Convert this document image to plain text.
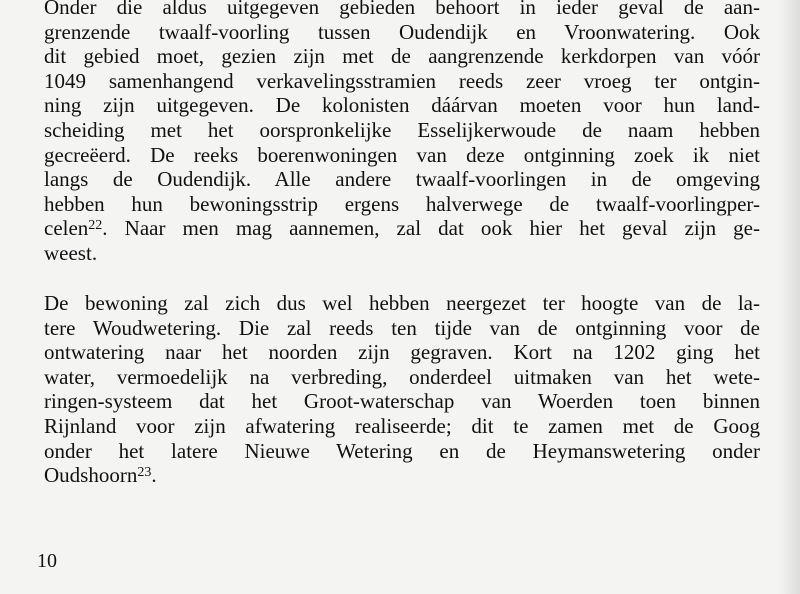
Onder die aldus uitgegeven gebieden behoort in ieder geval de aan-
grenzende twaalf-voorling tussen Oudendijk en Vroonwatering. Ook
dit gebied moet, gezien zijn met de aangrenzende kerkdorpen van vóór
1049 samenhangend verkavelingsstramien reeds zeer vroeg ter ontgin-
ning zijn uitgegeven. De kolonisten dáárvan moeten voor hun land-
scheiding met het oorspronkelijke Esselijkerwoude de naam hebben
gecreëerd. De reeks boerenwoningen van deze ontginning zoek ik niet
langs de Oudendijk. Alle andere twaalf-voorlingen in de omgeving
hebben hun bewoningsstrip ergens halverwege de twaalf-voorlingper-
celen$^{22}$. Naar men mag aannemen, zal dat ook hier het geval zijn ge-
weest.
De bewoning zal zich dus wel hebben neergezet ter hoogte van de la-
tere Woudwetering. Die zal reeds ten tijde van de ontginning voor de
ontwatering naar het noorden zijn gegraven. Kort na 1202 ging het
water, vermoedelijk na verbreding, onderdeel uitmaken van het wete-
ringen-systeem dat het Groot-waterschap van Woerden toen binnen
Rijnland voor zijn afwatering realiseerde; dit te zamen met de Goog
onder het latere Nieuwe Wetering en de Heymanswetering onder
Oudshoorn$^{23}$.
10
